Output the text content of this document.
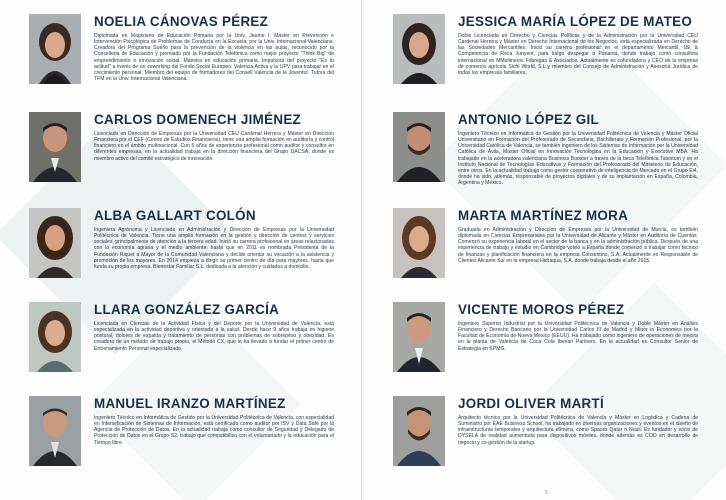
NOELIA CÁNOVAS PÉREZ

Diplomada en Magisterio de Educación Primaria por la Univ. Jaume I, Máster en Prevención e Intervención Psicológica de Problemas de Conducta en la Escuela, por la Univ. Internacional Valenciana. Creadora del Programa Sueño para la prevención de la violencia en las aulas, reconocido por la Conselleria de Educación y premiado por la Fundación Telefónica como mejor proyecto "Think Big" de emprendimiento e innovación social. Maestra en educación primaria. Impulsora del proyecto "Es tu actitud" a través de un coworking del Fondo Social Europeo. Valencia Activa y la UPV para trabajar en el crecimiento personal. Miembro del equipo de formadores del Consell Valencià de la Joventut. Tutora del TFM en la Univ. Internacional Valenciana.

CARLOS DOMENECH JIMÉNEZ

Licenciado en Dirección de Empresas por la Universidad CEU Cardenal Herrera y Máster en Dirección Financiera por el CEF (Centro de Estudios Financieros), tiene una amplia formación en auditoría y control financiero en el ámbito multinacional. Con 5 años de experiencia profesional como auditor y consultor en diferentes empresas, en la actualidad trabaja en la dirección financiera del Grupo DACSA, donde es miembro activo del comité estratégico de innovación.

ALBA GALLART COLÓN

Ingeniera Agrónoma y Licenciada en Administración y Dirección de Empresas por la Universidad Politécnica de Valencia. Tiene una amplia formación en la gestión y dirección de centros y servicios sociales, principalmente de atención a la tercera edad. Inició su carrera profesional en áreas relacionadas con la economía agraria y el medio ambiente, hasta que en 2011 es nombrada Presidenta de la Fundación Riquet a Mayor de la Comunidad Valenciana y decide orientar su vocación a la asistencia y promoción de los mayores. En 2014 empieza a dirigir su primer centro de día para mayores, hasta que funda su propia empresa, Bienestar Familiar S.L. dedicada a la atención y cuidados a domicilio.

LLARA GONZÁLEZ GARCÍA

Licenciada en Ciencias de la Actividad Física y del Deporte por la Universidad de Valencia, está especializada en la actividad deportiva y orientada a la salud. Desde hace 9 años trabaja en higiene postural, dolores de espalda y tratamiento de personas con problemas de sobrepeso y obesidad. Es creadora de un método de trabajo propio, el Método CX, que le ha llevado a fundar el primer centro de Entrenamiento Personal especializado.

MANUEL IRANZO MARTÍNEZ

Ingeniero Técnico en Informática de Gestión por la Universidad Politécnica de Valencia, con especialidad en Intensificación de Sistemas de Información, está certificado como auditor por ISV y Data Safe por la Agencia de Protección de Datos. En la actualidad trabaja como consultor de Seguridad y Delegado de Protección de Datos en el Grupo S2, trabajo que compatibiliza con el voluntariado y la educación para el Tiempo libre.

JESSICA MARÍA LÓPEZ DE MATEO

Doble Licenciada en Derecho y Ciencias Políticas y de la Administración por la Universidad CEU Cardenal Herrera y Máster en Derecho Internacional de los Negocios, está especializada en Derecho de las Sociedades Mercantiles. Inició su carrera profesional en el departamento Mercantil, UE & Competencia de Roca Junyent, para luego despegar a Panamá, donde trabajó como consultora internacional en MMoliineros Fobregas & Asociados. Actualmente es cofundadora y CEO de la empresa de comercio agrícola Sichi World, S.L y miembro del Consejo de Administración y Asesoría Jurídica de todas las empresas familiares.

ANTONIO LÓPEZ GIL

Ingeniero Técnico en Informática de Gestión por la Universidad Politécnica de Valencia y Máster Oficial Universitario en Formación del Profesorado de Secundaria, Bachillerato y Formación Profesional, por la Universidad Católica de Valencia, se también ingeniero de los Sistemas de Información por la Universidad Católica de Ávila, Máster Oficial en Innovación Tecnológica en la Educación y Executive MBA. Ha trabajado en la aceleradora valenciana Business Booster a través de la beca Telefónica Talentum y en el Instituto Nacional de Tecnologías Educativas y Formación del Profesorado del Ministerio de Educación, entre otros. En la actualidad trabaja como gestor cooperativo de inteligencia de Mercado en el Grupo Ei4, donde ha sido, además, responsable de proyectos digitales y de su implantación en España, Colombia, Argentina y México.

MARTA MARTÍNEZ MORA

Graduada en Administración y Dirección de Empresas por la Universidad de Murcia, es también diplomada en Ciencias Empresariales por la Universidad de Alicante y Máster en Auditoría de Cuentas. Comenzó su experiencia laboral en el sector de la banca y en la administración pública. Después de una experiencia de trabajo y estudio en Cambridge volvió a España donde comenzó a trabajar como técnico de finanzas y planificación financiera en la empresa Consentino, S.A. Actualmente es Responsable de Clientes Alicante Sur en la empresa Hidraqua, S.A. donde trabaja desde el año 2015.

VICENTE MOROS PÉREZ

Ingeniero Superior Industrial por la Universidad Politécnica de Valencia y Doble Máster en Análisis Financiero y Derecho Bancario por la Universidad Carlos III de Madrid y Minor in Economics por la Facultad de Economía de Nueva México (EEUU). Ha trabajado como ingeniero de operaciones de mejora en la planta de Valencia de Coca Cola Iberian Partners. En la actualidad es Consultor Senior de Estrategia en KPMG.

JORDI OLIVER MARTÍ

Arquitecto técnico por la Universidad Politécnica de Valencia y Máster en Logística y Cadena de Suministro por EAE Business School, ha trabajado en diversas organizaciones y eventos en el diseño de infraestructuras temporales y arquitectura efímera, como Spaces Qatar o Nuuli. Es fundador y socio de DYSELA de realidad aumentada para dispositivos móviles, donde además es COO en desarrollo de negocio y co-gestión de la startup.

5
